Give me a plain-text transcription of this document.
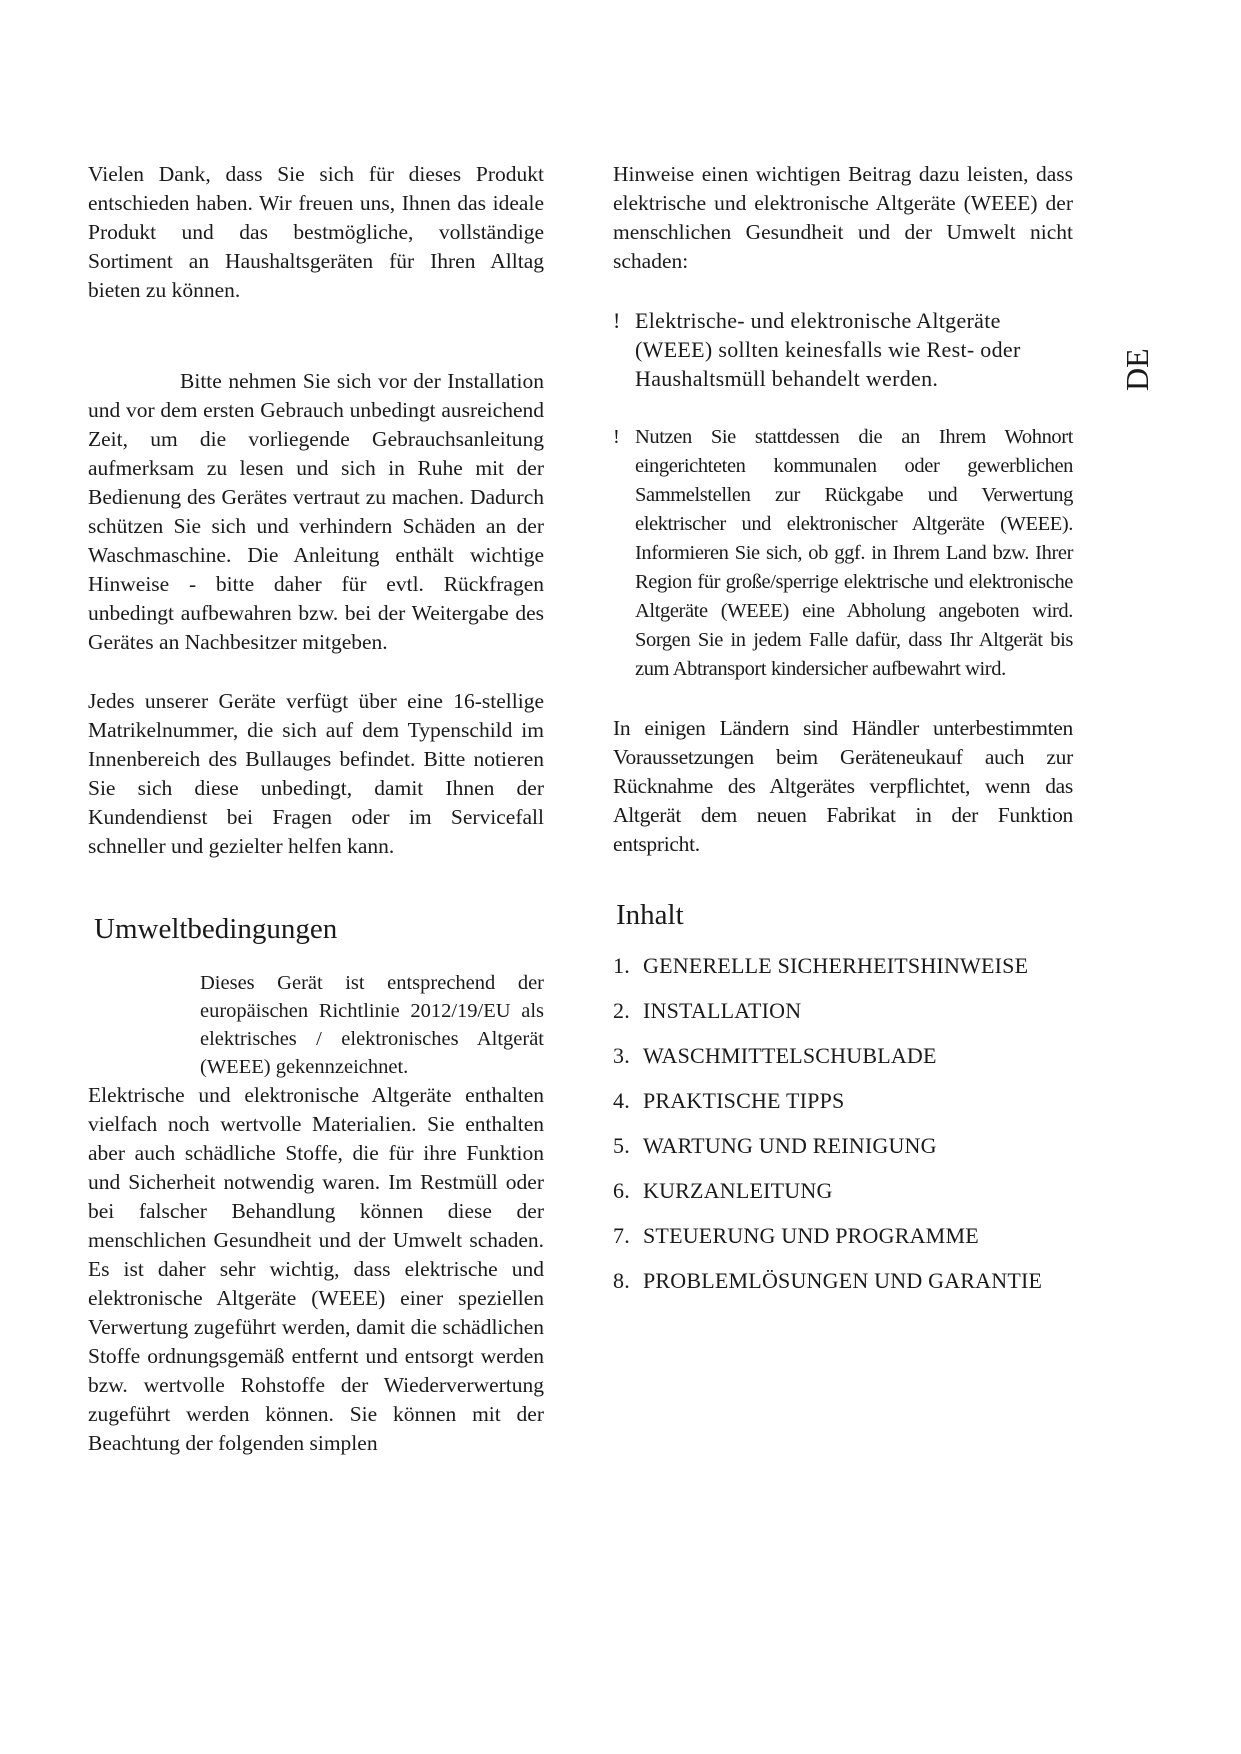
Vielen Dank, dass Sie sich für dieses Produkt entschieden haben. Wir freuen uns, Ihnen das ideale Produkt und das bestmögliche, vollständige Sortiment an Haushaltsgeräten für Ihren Alltag bieten zu können.

Bitte nehmen Sie sich vor der Installation und vor dem ersten Gebrauch unbedingt ausreichend Zeit, um die vorliegende Gebrauchsanleitung aufmerksam zu lesen und sich in Ruhe mit der Bedienung des Gerätes vertraut zu machen. Dadurch schützen Sie sich und verhindern Schäden an der Waschmaschine. Die Anleitung enthält wichtige Hinweise - bitte daher für evtl. Rückfragen unbedingt aufbewahren bzw. bei der Weitergabe des Gerätes an Nachbesitzer mitgeben.

Jedes unserer Geräte verfügt über eine 16-stellige Matrikelnummer, die sich auf dem Typenschild im Innenbereich des Bullauges befindet. Bitte notieren Sie sich diese unbedingt, damit Ihnen der Kundendienst bei Fragen oder im Servicefall schneller und gezielter helfen kann.

Umweltbedingungen

Dieses Gerät ist entsprechend der europäischen Richtlinie 2012/19/EU als elektrisches / elektronisches Altgerät (WEEE) gekennzeichnet.

Elektrische und elektronische Altgeräte enthalten vielfach noch wertvolle Materialien. Sie enthalten aber auch schädliche Stoffe, die für ihre Funktion und Sicherheit notwendig waren. Im Restmüll oder bei falscher Behandlung können diese der menschlichen Gesundheit und der Umwelt schaden. Es ist daher sehr wichtig, dass elektrische und elektronische Altgeräte (WEEE) einer speziellen Verwertung zugeführt werden, damit die schädlichen Stoffe ordnungsgemäß entfernt und entsorgt werden bzw. wertvolle Rohstoffe der Wiederverwertung zugeführt werden können. Sie können mit der Beachtung der folgenden simplen

Hinweise einen wichtigen Beitrag dazu leisten, dass elektrische und elektronische Altgeräte (WEEE) der menschlichen Gesundheit und der Umwelt nicht schaden:

! Elektrische- und elektronische Altgeräte (WEEE) sollten keinesfalls wie Rest- oder Haushaltsmüll behandelt werden.
! Nutzen Sie stattdessen die an Ihrem Wohnort eingerichteten kommunalen oder gewerblichen Sammelstellen zur Rückgabe und Verwertung elektrischer und elektronischer Altgeräte (WEEE). Informieren Sie sich, ob ggf. in Ihrem Land bzw. Ihrer Region für große/sperrige elektrische und elektronische Altgeräte (WEEE) eine Abholung angeboten wird. Sorgen Sie in jedem Falle dafür, dass Ihr Altgerät bis zum Abtransport kindersicher aufbewahrt wird.

In einigen Ländern sind Händler unterbestimmten Voraussetzungen beim Geräteneukauf auch zur Rücknahme des Altgerätes verpflichtet, wenn das Altgerät dem neuen Fabrikat in der Funktion entspricht.

Inhalt
1. GENERELLE SICHERHEITSHINWEISE
2. INSTALLATION
3. WASCHMITTELSCHUBLADE
4. PRAKTISCHE TIPPS
5. WARTUNG UND REINIGUNG
6. KURZANLEITUNG
7. STEUERUNG UND PROGRAMME
8. PROBLEMLÖSUNGEN UND GARANTIE
DE
